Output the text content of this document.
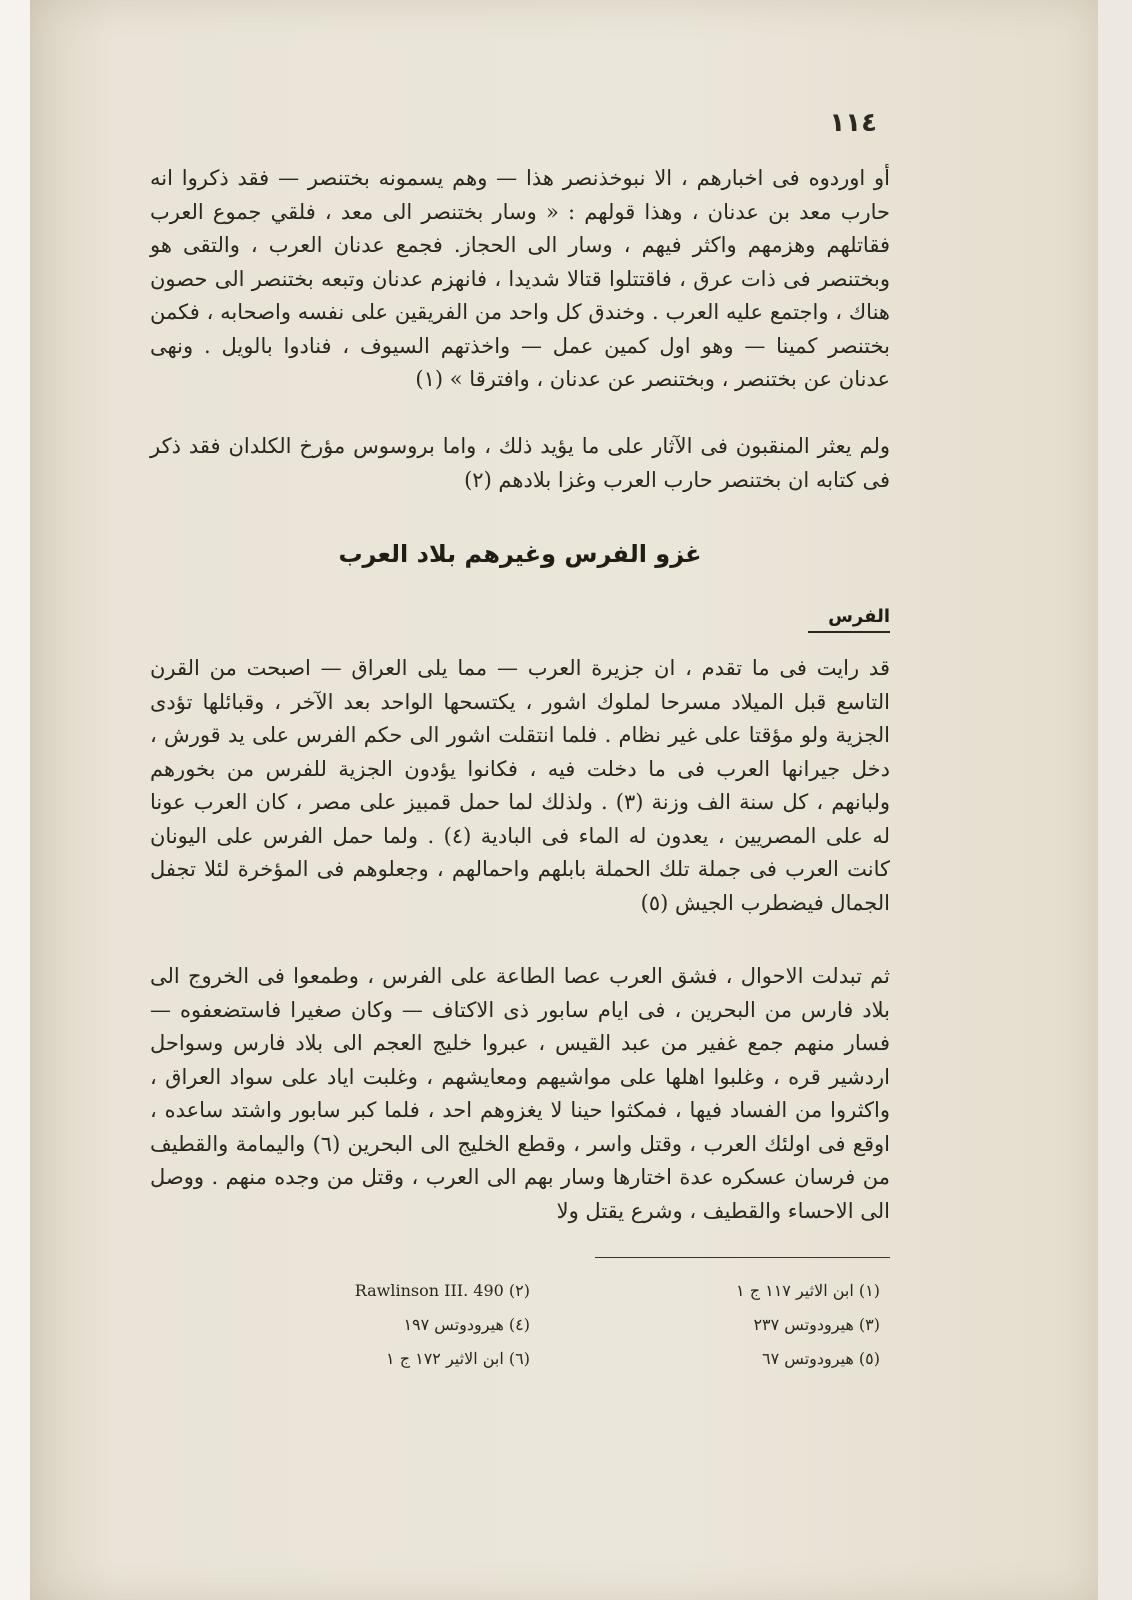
١١٤

أو اوردوه فى اخبارهم ، الا نبوخذنصر هذا — وهم يسمونه بختنصر — فقد ذكروا انه حارب معد بن عدنان ، وهذا قولهم : « وسار بختنصر الى معد ، فلقي جموع العرب فقاتلهم وهزمهم واكثر فيهم ، وسار الى الحجاز. فجمع عدنان العرب ، والتقى هو وبختنصر فى ذات عرق ، فاقتتلوا قتالا شديدا ، فانهزم عدنان وتبعه بختنصر الى حصون هناك ، واجتمع عليه العرب . وخندق كل واحد من الفريقين على نفسه واصحابه ، فكمن بختنصر كمينا — وهو اول كمين عمل — واخذتهم السيوف ، فنادوا بالويل . ونهى عدنان عن بختنصر ، وبختنصر عن عدنان ، وافترقا » (١)

ولم يعثر المنقبون فى الآثار على ما يؤيد ذلك ، واما بروسوس مؤرخ الكلدان فقد ذكر فى كتابه ان بختنصر حارب العرب وغزا بلادهم (٢)

غزو الفرس وغيرهم بلاد العرب
الفرس

قد رايت فى ما تقدم ، ان جزيرة العرب — مما يلى العراق — اصبحت من القرن التاسع قبل الميلاد مسرحا لملوك اشور ، يكتسحها الواحد بعد الآخر ، وقبائلها تؤدى الجزية ولو مؤقتا على غير نظام . فلما انتقلت اشور الى حكم الفرس على يد قورش ، دخل جيرانها العرب فى ما دخلت فيه ، فكانوا يؤدون الجزية للفرس من بخورهم ولبانهم ، كل سنة الف وزنة (٣) . ولذلك لما حمل قمبيز على مصر ، كان العرب عونا له على المصريين ، يعدون له الماء فى البادية (٤) . ولما حمل الفرس على اليونان كانت العرب فى جملة تلك الحملة بابلهم واحمالهم ، وجعلوهم فى المؤخرة لئلا تجفل الجمال فيضطرب الجيش (٥)

ثم تبدلت الاحوال ، فشق العرب عصا الطاعة على الفرس ، وطمعوا فى الخروج الى بلاد فارس من البحرين ، فى ايام سابور ذى الاكتاف — وكان صغيرا فاستضعفوه — فسار منهم جمع غفير من عبد القيس ، عبروا خليج العجم الى بلاد فارس وسواحل اردشير قره ، وغلبوا اهلها على مواشيهم ومعايشهم ، وغلبت اياد على سواد العراق ، واكثروا من الفساد فيها ، فمكثوا حينا لا يغزوهم احد ، فلما كبر سابور واشتد ساعده ، اوقع فى اولئك العرب ، وقتل واسر ، وقطع الخليج الى البحرين (٦) واليمامة والقطيف من فرسان عسكره عدة اختارها وسار بهم الى العرب ، وقتل من وجده منهم . ووصل الى الاحساء والقطيف ، وشرع يقتل ولا

(١) ابن الاثير ١١٧ ج ١
(٣) هيرودوتس ٢٣٧
(٥) هيرودوتس ٦٧
(٢) Rawlinson III. 490
(٤) هيرودوتس ١٩٧
(٦) ابن الاثير ١٧٢ ج ١
